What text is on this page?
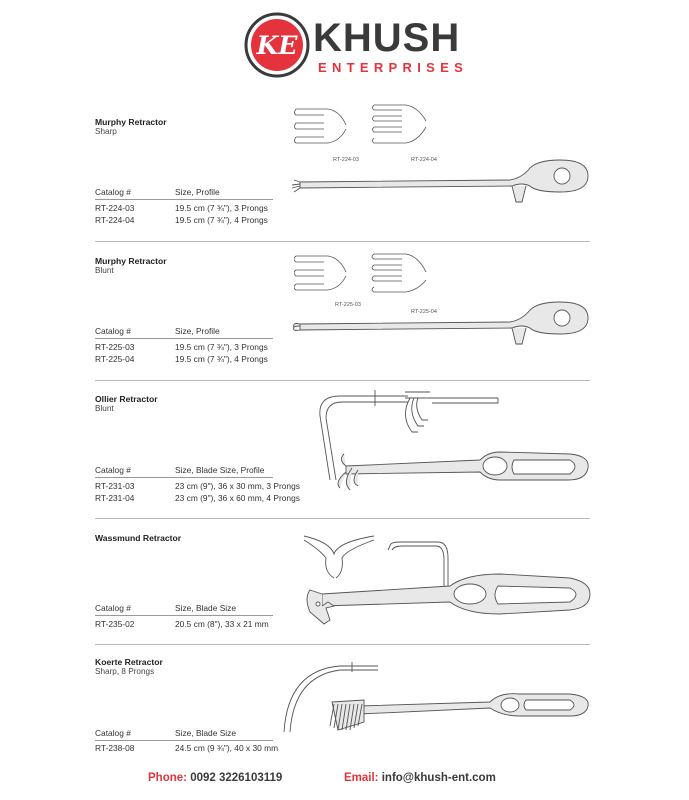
KE KHUSH
ENTERPRISES
Murphy Retractor
Sharp
RT-224-03	RT-224-04
Catalog #	Size, Profile
RT-224-03	19.5 cm (7 ¾"), 3 Prongs
RT-224-04	19.5 cm (7 ¾"), 4 Prongs
Murphy Retractor
Blunt
RT-225-03
RT-225-04
Catalog #	Size, Profile
RT-225-03	19.5 cm (7 ¾"), 3 Prongs
RT-225-04	19.5 cm (7 ¾"), 4 Prongs
Ollier Retractor
Blunt
Catalog #	Size, Blade Size, Profile
RT-231-03	23 cm (9"), 36 x 30 mm, 3 Prongs
RT-231-04	23 cm (9"), 36 x 60 mm, 4 Prongs
Wassmund Retractor
Catalog #	Size, Blade Size
RT-235-02	20.5 cm (8"), 33 x 21 mm
Koerte Retractor
Sharp, 8 Prongs
Catalog #	Size, Blade Size
RT-238-08	24.5 cm (9 ¾"), 40 x 30 mm
Phone: 0092 3226103119	Email: info@khush-ent.com
